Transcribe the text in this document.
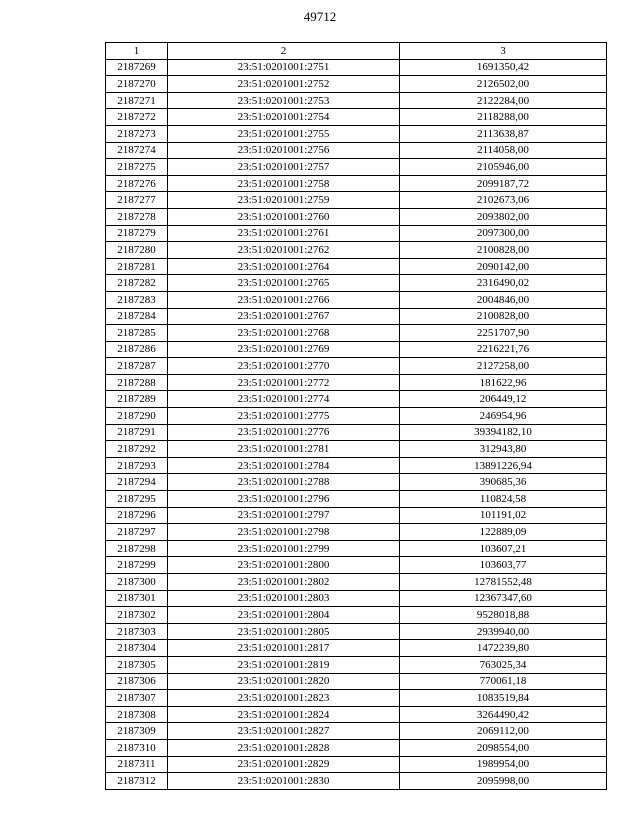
49712
1	2	3
2187269	23:51:0201001:2751	1691350,42
2187270	23:51:0201001:2752	2126502,00
2187271	23:51:0201001:2753	2122284,00
2187272	23:51:0201001:2754	2118288,00
2187273	23:51:0201001:2755	2113638,87
2187274	23:51:0201001:2756	2114058,00
2187275	23:51:0201001:2757	2105946,00
2187276	23:51:0201001:2758	2099187,72
2187277	23:51:0201001:2759	2102673,06
2187278	23:51:0201001:2760	2093802,00
2187279	23:51:0201001:2761	2097300,00
2187280	23:51:0201001:2762	2100828,00
2187281	23:51:0201001:2764	2090142,00
2187282	23:51:0201001:2765	2316490,02
2187283	23:51:0201001:2766	2004846,00
2187284	23:51:0201001:2767	2100828,00
2187285	23:51:0201001:2768	2251707,90
2187286	23:51:0201001:2769	2216221,76
2187287	23:51:0201001:2770	2127258,00
2187288	23:51:0201001:2772	181622,96
2187289	23:51:0201001:2774	206449,12
2187290	23:51:0201001:2775	246954,96
2187291	23:51:0201001:2776	39394182,10
2187292	23:51:0201001:2781	312943,80
2187293	23:51:0201001:2784	13891226,94
2187294	23:51:0201001:2788	390685,36
2187295	23:51:0201001:2796	110824,58
2187296	23:51:0201001:2797	101191,02
2187297	23:51:0201001:2798	122889,09
2187298	23:51:0201001:2799	103607,21
2187299	23:51:0201001:2800	103603,77
2187300	23:51:0201001:2802	12781552,48
2187301	23:51:0201001:2803	12367347,60
2187302	23:51:0201001:2804	9528018,88
2187303	23:51:0201001:2805	2939940,00
2187304	23:51:0201001:2817	1472239,80
2187305	23:51:0201001:2819	763025,34
2187306	23:51:0201001:2820	770061,18
2187307	23:51:0201001:2823	1083519,84
2187308	23:51:0201001:2824	3264490,42
2187309	23:51:0201001:2827	2069112,00
2187310	23:51:0201001:2828	2098554,00
2187311	23:51:0201001:2829	1989954,00
2187312	23:51:0201001:2830	2095998,00
